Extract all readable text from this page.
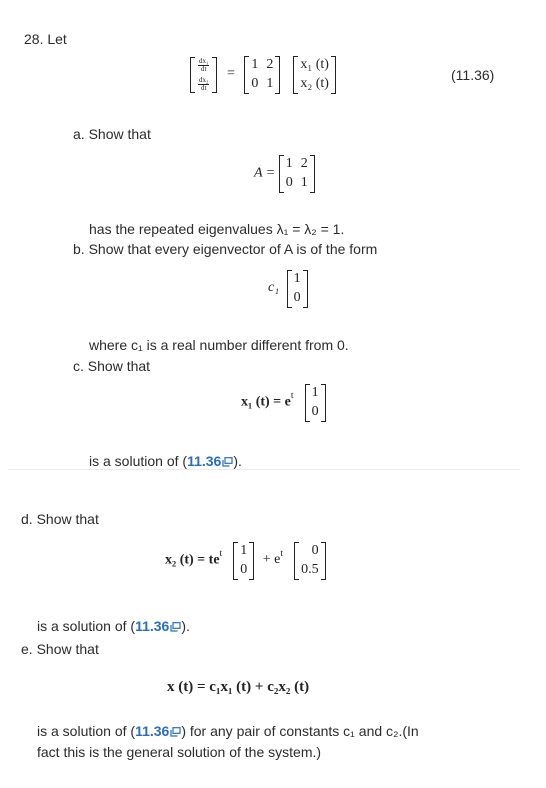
28. Let
$\frac{\text{dx₁}}{dt}$
$\frac{\text{dx₂}}{dt}$
=
1 2
0 1

x₁ (t)
x₂ (t)
(11.36)
a. Show that
A =
1 2
0 1
has the repeated eigenvalues λ₁ = λ₂ = 1.
b. Show that every eigenvector of A is of the form
c₁
1
0
where c₁ is a real number different from 0.
c. Show that
x₁ $(t) = e^t$ 1
0
is a solution of (11.36 ).
d. Show that
x₂ $(t) = te^t$ 1
0
+ $e^t$ 0
0.5
is a solution of (11.36 ).
e. Show that
x (t) = c₁x₁ (t) + c₂x₂ (t)
is a solution of (11.36 ) for any pair of constants c₁ and c₂.(In
fact this is the general solution of the system.)
